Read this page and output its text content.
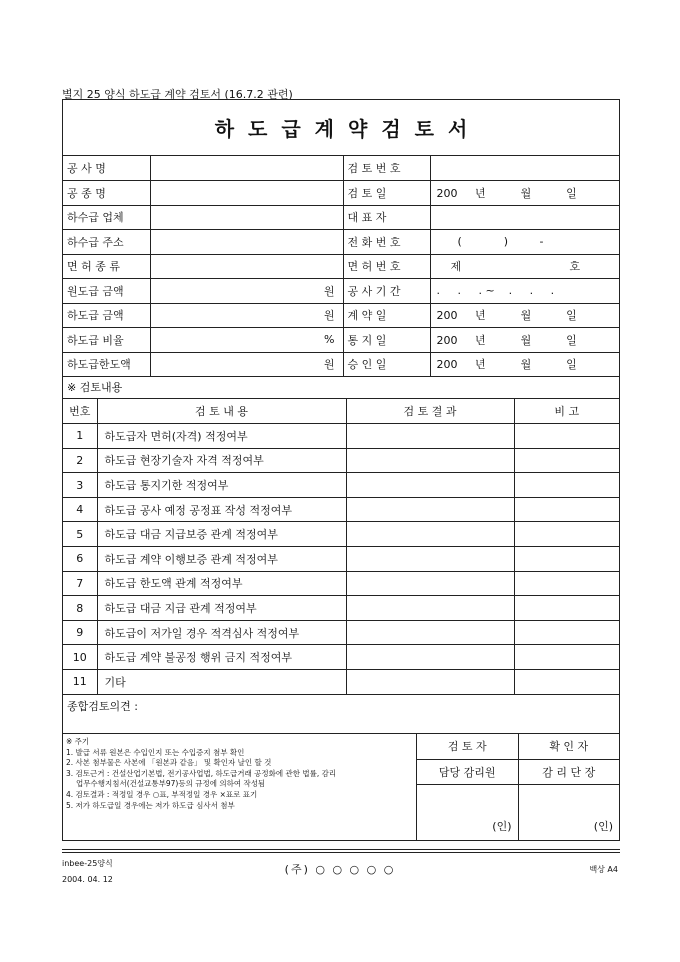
별지 25 양식 하도급 계약 검토서 (16.7.2 관련)
하도급계약검토서
공 사 명		검 토 번 호	
공 종 명		검 토 일	200     년          월          일
하수급 업체		대 표 자	
하수급 주소		전 화 번 호	(            )         -
면 허 종 류		면 허 번 호	제                               호
원도급 금액	원	공 사 기 간	.     .     . ~    .     .     .
하도급 금액	원	계 약 일	200     년          월          일
하도급 비율	%	통 지 일	200     년          월          일
하도급한도액	원	승 인 일	200     년          월          일
※ 검토내용
번호	검 토 내 용	검 토 결 과	비 고
1	하도급자 면허(자격) 적정여부		
2	하도급 현장기술자 자격 적정여부		
3	하도급 통지기한 적정여부		
4	하도급 공사 예정 공정표 작성 적정여부		
5	하도급 대금 지급보증 관계 적정여부		
6	하도급 계약 이행보증 관계 적정여부		
7	하도급 한도액 관계 적정여부		
8	하도급 대금 지급 관계 적정여부		
9	하도급이 저가일 경우 적격심사 적정여부		
10	하도급 계약 불공정 행위 금지 적정여부		
11	기타		
종합검토의견 :
※ 주기
1. 발급 서류 원본은 수입인지 또는 수입증지 첨부 확인
2. 사본 첨부물은 사본에 「원본과 같음」 및 확인자 날인 할 것
3. 검토근거 : 건설산업기본법, 전기공사업법, 하도급거래 공정화에 관한 법률, 감리
업무수행지침서(건설교통부97)등의 규정에 의하여 작성됨
4. 검토결과 : 적정일 경우 ○표, 부적정일 경우 ×표로 표기
5. 저가 하도급일 경우에는 저가 하도급 심사서 첨부
검 토 자	확 인 자
담당 감리원	감 리 단 장
(인)	(인)
inbee-25양식
2004. 04. 12
(주) ○ ○ ○ ○ ○	백상 A4
